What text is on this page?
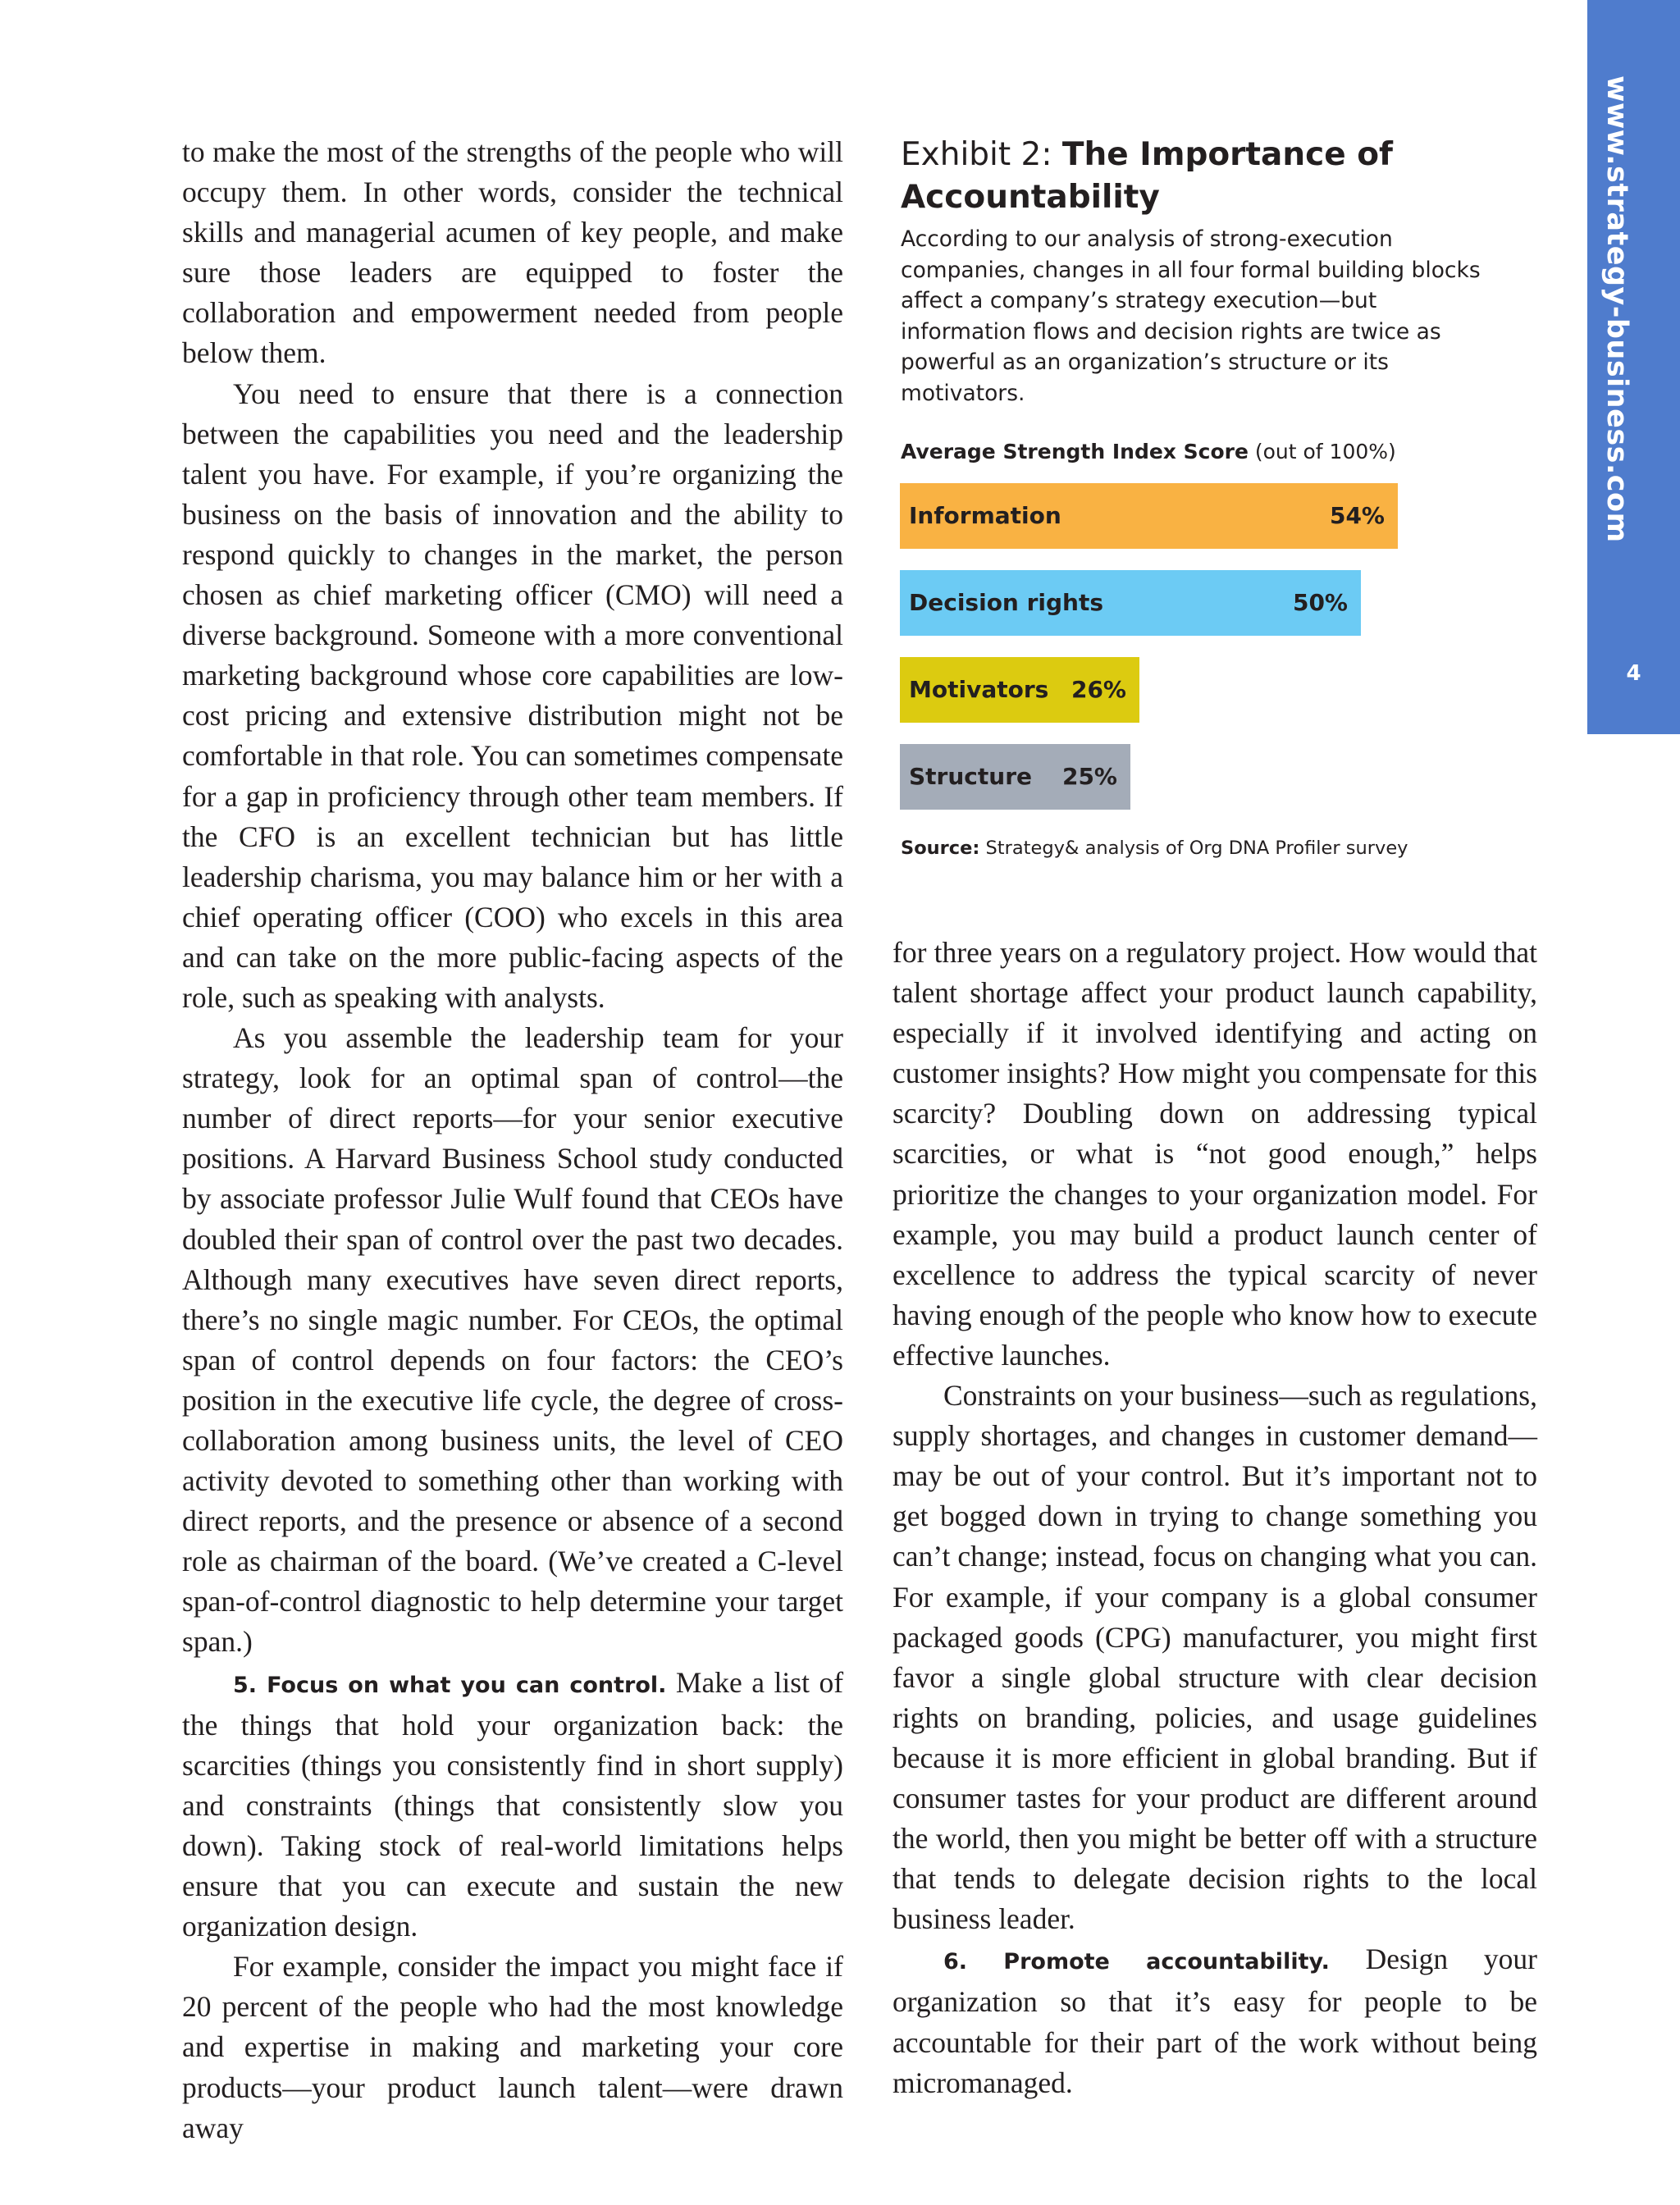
www.strategy-business.com
4

to make the most of the strengths of the people who will occupy them. In other words, consider the technical skills and managerial acumen of key people, and make sure those leaders are equipped to foster the collaboration and empowerment needed from people below them.

You need to ensure that there is a connection between the capabilities you need and the leadership talent you have. For example, if you’re organizing the business on the basis of innovation and the ability to respond quickly to changes in the market, the person chosen as chief marketing officer (CMO) will need a diverse background. Someone with a more conventional marketing background whose core capabilities are low-cost pricing and extensive distribution might not be comfortable in that role. You can sometimes compensate for a gap in proficiency through other team members. If the CFO is an excellent technician but has little leadership charisma, you may balance him or her with a chief operating officer (COO) who excels in this area and can take on the more public-facing aspects of the role, such as speaking with analysts.

As you assemble the leadership team for your strategy, look for an optimal span of control—the number of direct reports—for your senior executive positions. A Harvard Business School study conducted by associate professor Julie Wulf found that CEOs have doubled their span of control over the past two decades. Although many executives have seven direct reports, there’s no single magic number. For CEOs, the optimal span of control depends on four factors: the CEO’s position in the executive life cycle, the degree of cross-collaboration among business units, the level of CEO activity devoted to something other than working with direct reports, and the presence or absence of a second role as chairman of the board. (We’ve created a C-level span-of-control diagnostic to help determine your target span.)

5. Focus on what you can control. Make a list of the things that hold your organization back: the scarcities (things you consistently find in short supply) and constraints (things that consistently slow you down). Taking stock of real-world limitations helps ensure that you can execute and sustain the new organization design.

For example, consider the impact you might face if 20 percent of the people who had the most knowledge and expertise in making and marketing your core products—your product launch talent—were drawn away

Exhibit 2: The Importance of Accountability

According to our analysis of strong-execution companies, changes in all four formal building blocks affect a company’s strategy execution—but information flows and decision rights are twice as powerful as an organization’s structure or its motivators.

Average Strength Index Score (out of 100%)
Information	54%
Decision rights	50%
Motivators 26%
Structure 25%
Source: Strategy& analysis of Org DNA Profiler survey

for three years on a regulatory project. How would that talent shortage affect your product launch capability, especially if it involved identifying and acting on customer insights? How might you compensate for this scarcity? Doubling down on addressing typical scarcities, or what is “not good enough,” helps prioritize the changes to your organization model. For example, you may build a product launch center of excellence to address the typical scarcity of never having enough of the people who know how to execute effective launches.

Constraints on your business—such as regulations, supply shortages, and changes in customer demand—may be out of your control. But it’s important not to get bogged down in trying to change something you can’t change; instead, focus on changing what you can. For example, if your company is a global consumer packaged goods (CPG) manufacturer, you might first favor a single global structure with clear decision rights on branding, policies, and usage guidelines because it is more efficient in global branding. But if consumer tastes for your product are different around the world, then you might be better off with a structure that tends to delegate decision rights to the local business leader.

6. Promote accountability. Design your organization so that it’s easy for people to be accountable for their part of the work without being micromanaged.
